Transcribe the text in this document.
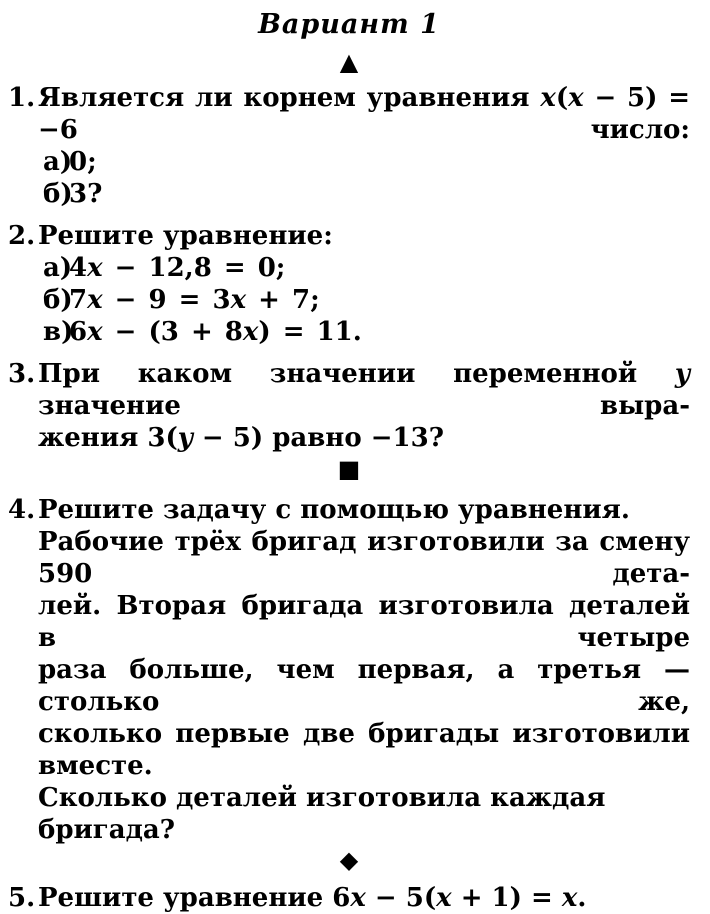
Вариант 1
▲
1. Является ли корнем уравнения x(x − 5) = −6 число:
а)
0;
б)
3?
2. Решите уравнение:
а)
4x − 12,8 = 0;
б)
7x − 9 = 3x + 7;
в)
6x − (3 + 8x) = 11.
3. При каком значении переменной y значение выра-
жения 3(y − 5) равно −13?
■
4. Решите задачу с помощью уравнения.
Рабочие трёх бригад изготовили за смену 590 дета-
лей. Вторая бригада изготовила деталей в четыре
раза больше, чем первая, а третья — столько же,
сколько первые две бригады изготовили вместе.
Сколько деталей изготовила каждая бригада?
◆
5. Решите уравнение 6x − 5(x + 1) = x.
